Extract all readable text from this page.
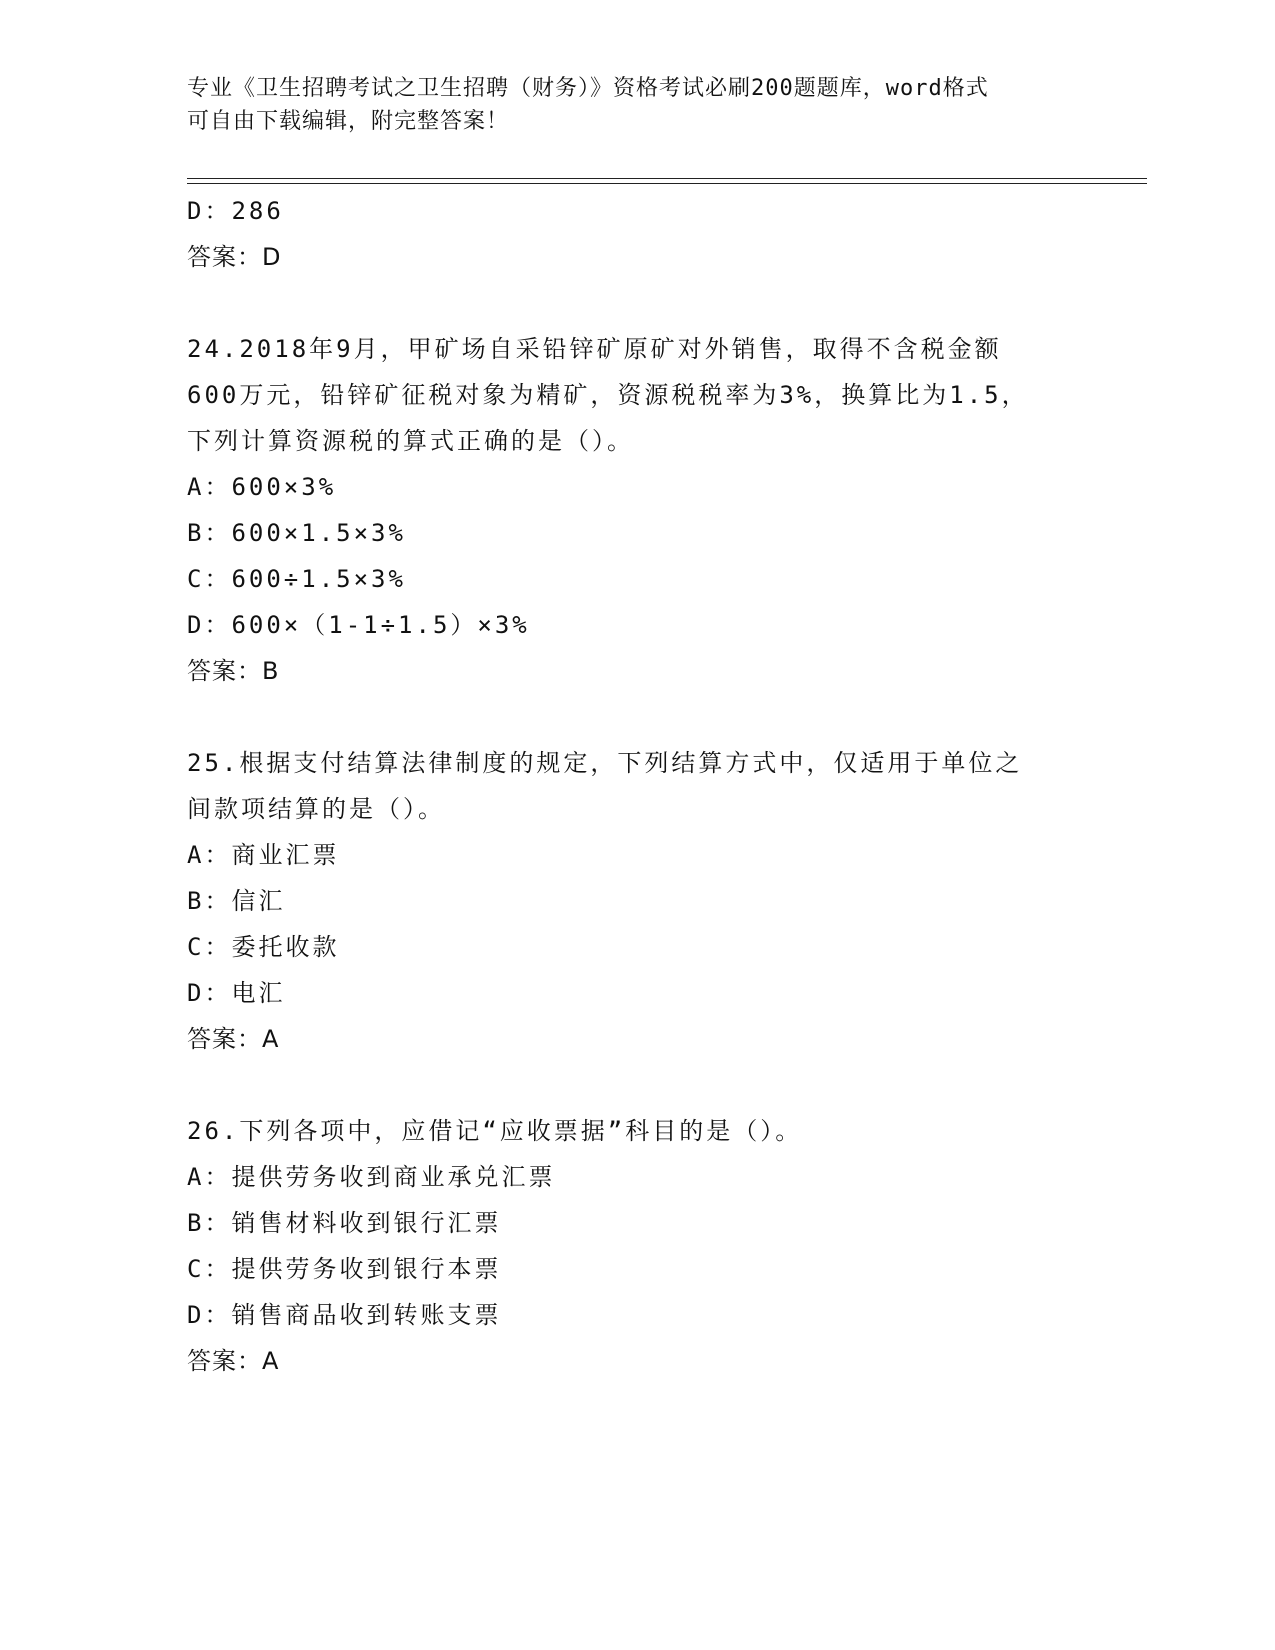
专业《卫生招聘考试之卫生招聘（财务）》资格考试必刷200题题库，word格式
可自由下载编辑，附完整答案！
D：286
答案：D
24.2018年9月，甲矿场自采铅锌矿原矿对外销售，取得不含税金额
600万元，铅锌矿征税对象为精矿，资源税税率为3%，换算比为1.5，
下列计算资源税的算式正确的是（）。
A：600×3%
B：600×1.5×3%
C：600÷1.5×3%
D：600×（1-1÷1.5）×3%
答案：B
25.根据支付结算法律制度的规定，下列结算方式中，仅适用于单位之
间款项结算的是（）。
A：商业汇票
B：信汇
C：委托收款
D：电汇
答案：A
26.下列各项中，应借记“应收票据”科目的是（）。
A：提供劳务收到商业承兑汇票
B：销售材料收到银行汇票
C：提供劳务收到银行本票
D：销售商品收到转账支票
答案：A
